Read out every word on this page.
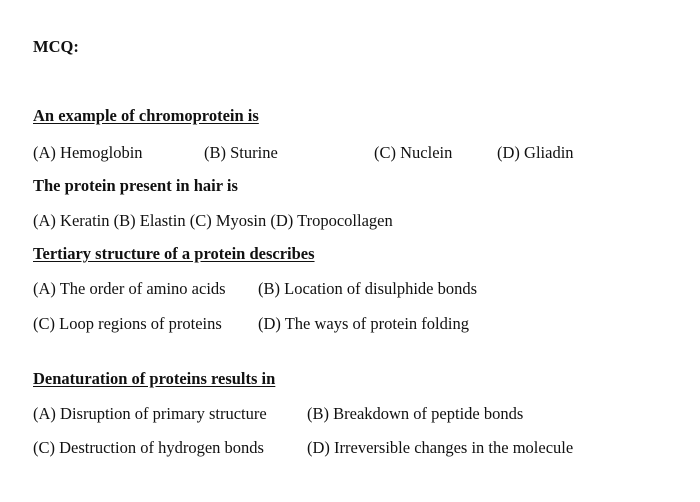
MCQ:
An example of chromoprotein is
(A) Hemoglobin	(B) Sturine	(C) Nuclein	(D) Gliadin
The protein present in hair is
(A) Keratin (B) Elastin (C) Myosin (D) Tropocollagen
Tertiary structure of a protein describes
(A) The order of amino acids (B) Location of disulphide bonds
(C) Loop regions of proteins (D) The ways of protein folding
Denaturation of proteins results in
(A) Disruption of primary structure (B) Breakdown of peptide bonds
(C) Destruction of hydrogen bonds	(D) Irreversible changes in the molecule
